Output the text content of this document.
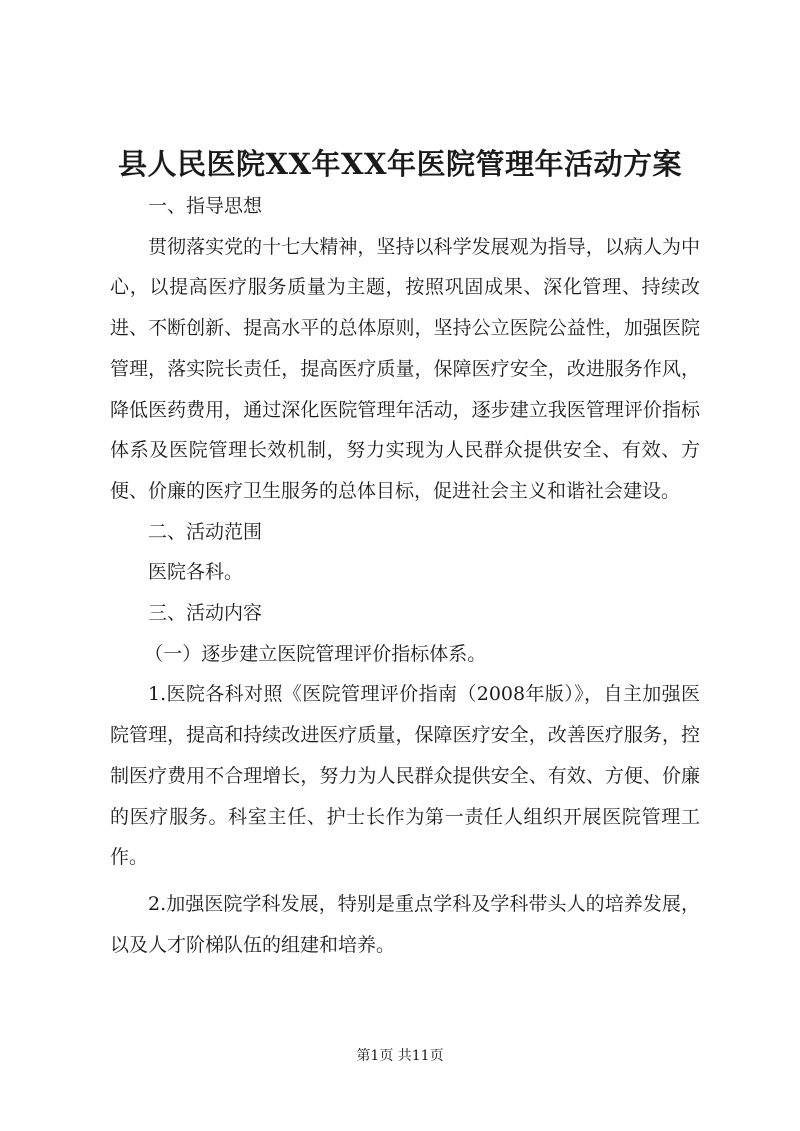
县人民医院XX年XX年医院管理年活动方案

一、指导思想

贯彻落实党的十七大精神，坚持以科学发展观为指导，以病人为中心，以提高医疗服务质量为主题，按照巩固成果、深化管理、持续改进、不断创新、提高水平的总体原则，坚持公立医院公益性，加强医院管理，落实院长责任，提高医疗质量，保障医疗安全，改进服务作风，降低医药费用，通过深化医院管理年活动，逐步建立我医管理评价指标体系及医院管理长效机制，努力实现为人民群众提供安全、有效、方便、价廉的医疗卫生服务的总体目标，促进社会主义和谐社会建设。

二、活动范围

医院各科。

三、活动内容

（一）逐步建立医院管理评价指标体系。

1.医院各科对照《医院管理评价指南（2008年版）》，自主加强医院管理，提高和持续改进医疗质量，保障医疗安全，改善医疗服务，控制医疗费用不合理增长，努力为人民群众提供安全、有效、方便、价廉的医疗服务。科室主任、护士长作为第一责任人组织开展医院管理工作。

2.加强医院学科发展，特别是重点学科及学科带头人的培养发展，以及人才阶梯队伍的组建和培养。

第1页 共11页
